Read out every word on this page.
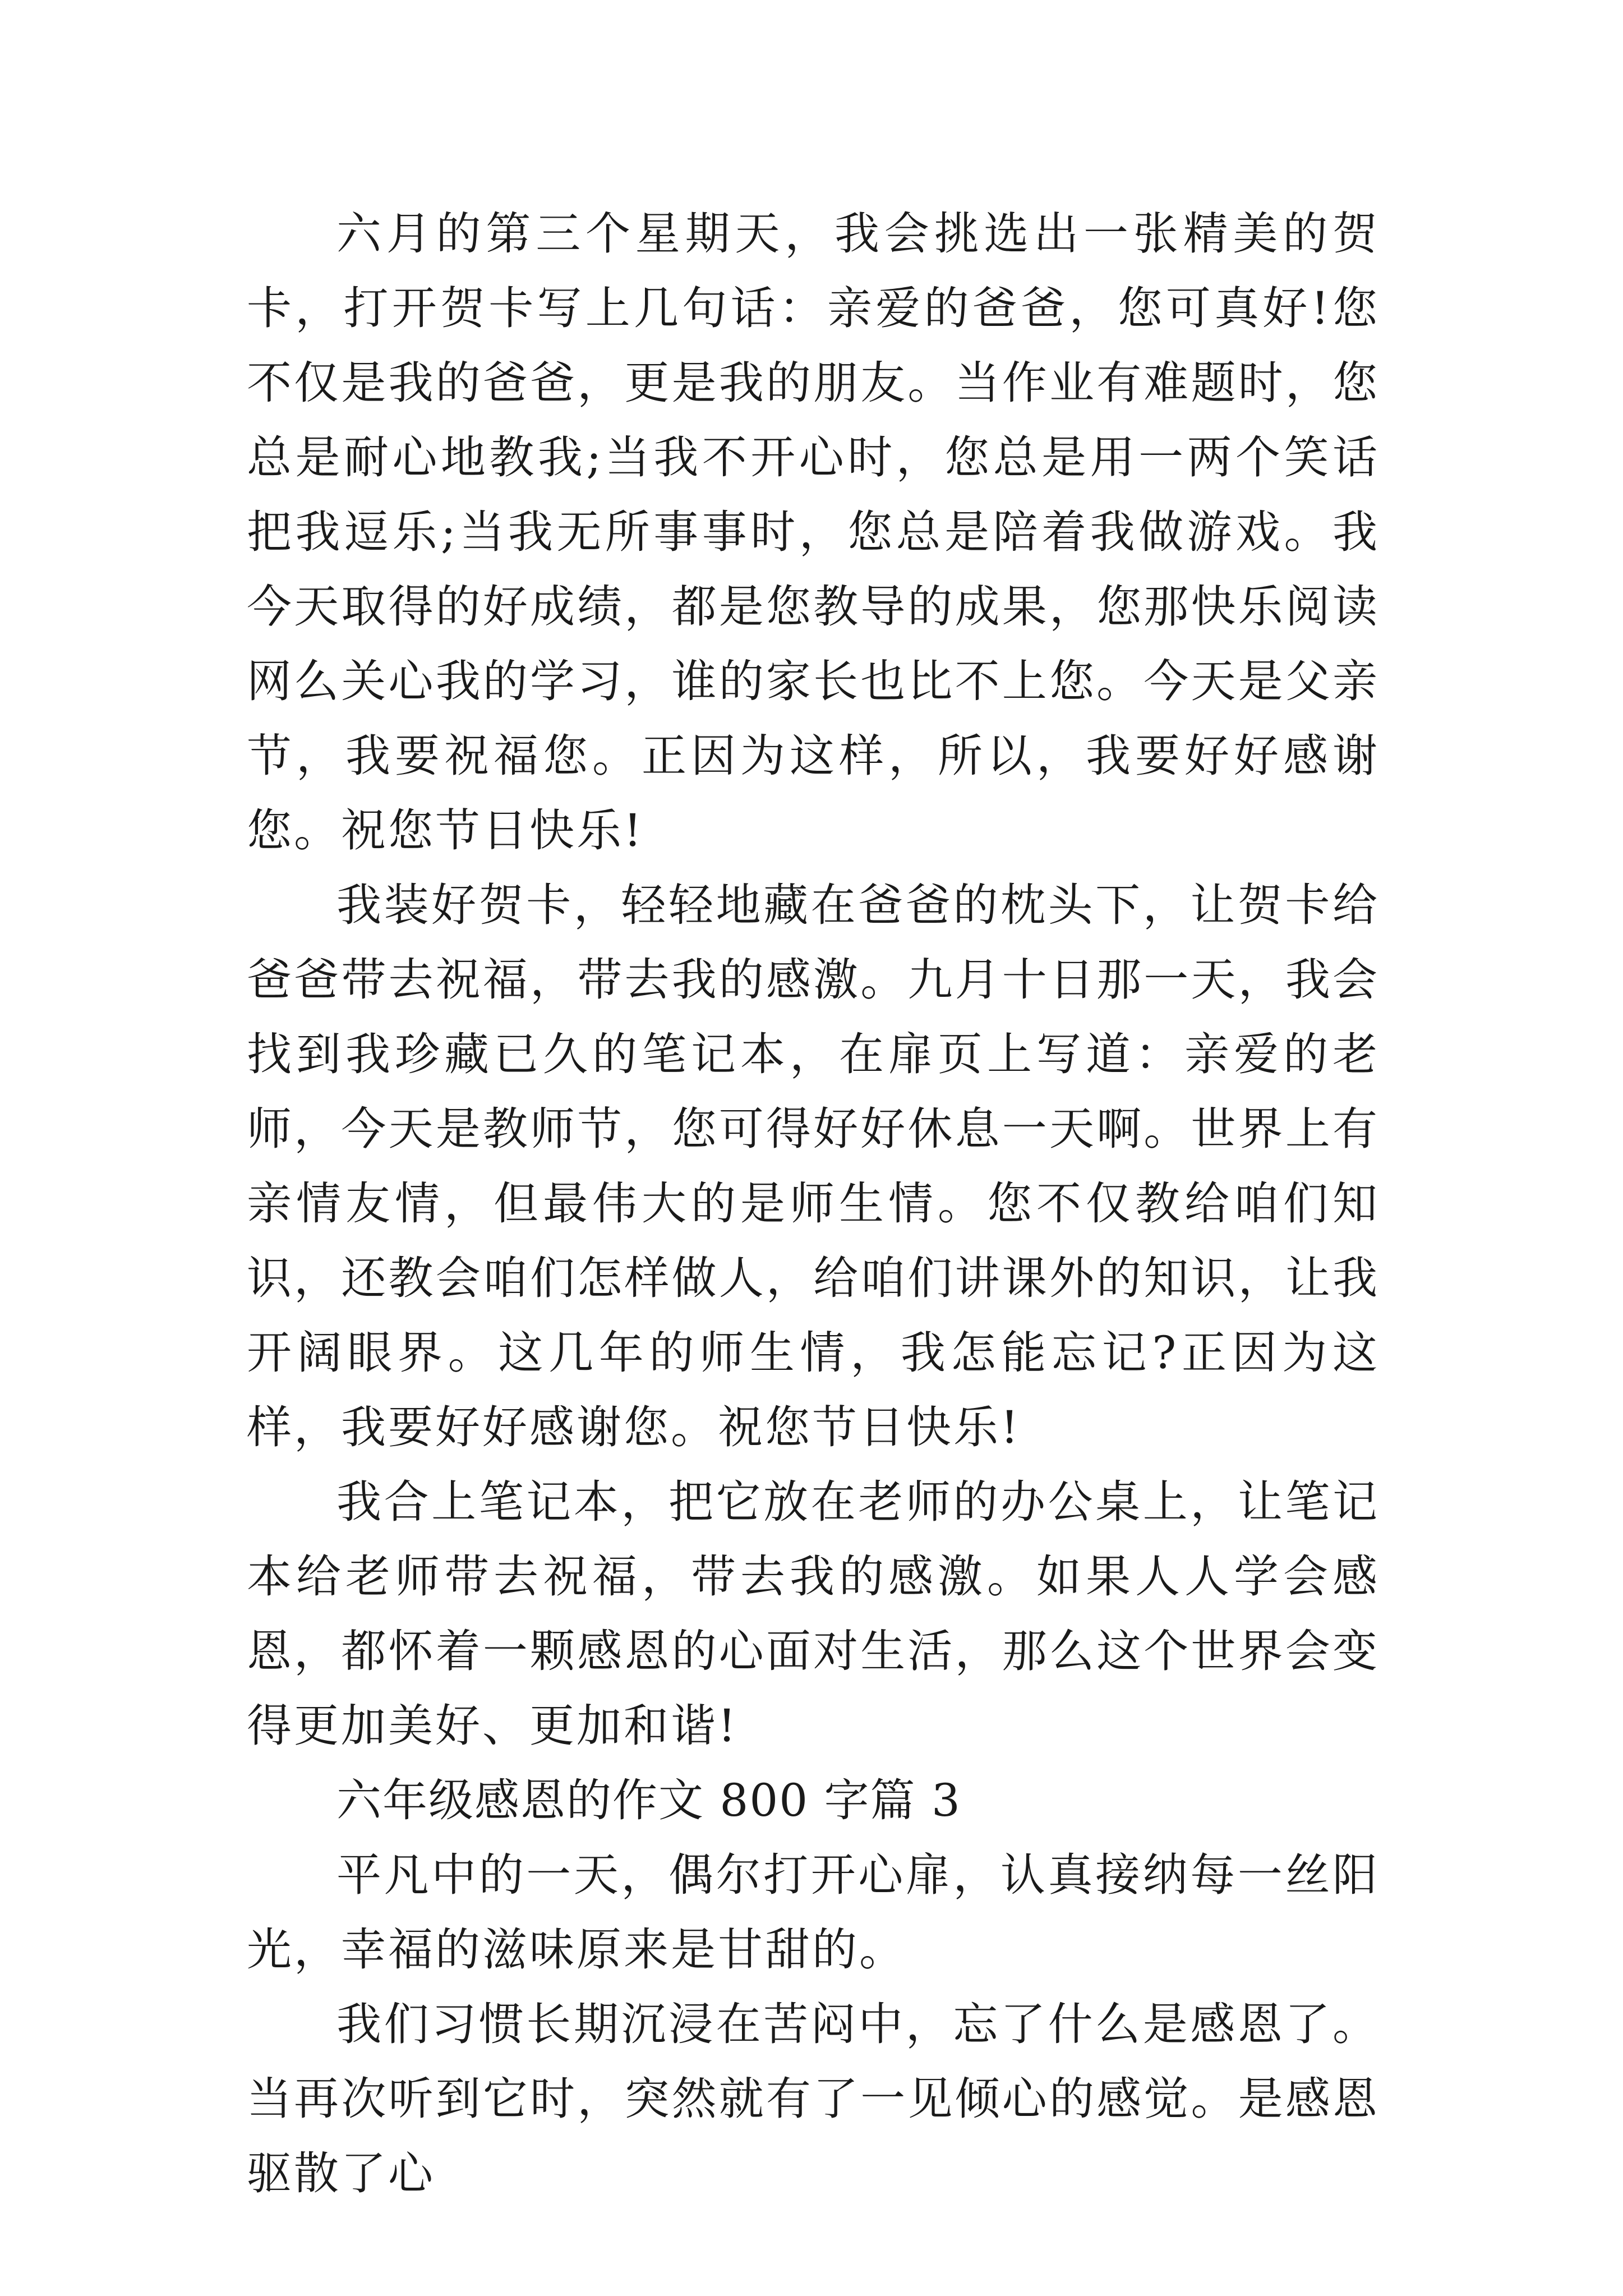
六月的第三个星期天，我会挑选出一张精美的贺卡，打开贺卡写上几句话：亲爱的爸爸，您可真好!您不仅是我的爸爸，更是我的朋友。当作业有难题时，您总是耐心地教我;当我不开心时，您总是用一两个笑话把我逗乐;当我无所事事时，您总是陪着我做游戏。我今天取得的好成绩，都是您教导的成果，您那快乐阅读网么关心我的学习，谁的家长也比不上您。今天是父亲节，我要祝福您。正因为这样，所以，我要好好感谢您。祝您节日快乐!

我装好贺卡，轻轻地藏在爸爸的枕头下，让贺卡给爸爸带去祝福，带去我的感激。九月十日那一天，我会找到我珍藏已久的笔记本，在扉页上写道：亲爱的老师，今天是教师节，您可得好好休息一天啊。世界上有亲情友情，但最伟大的是师生情。您不仅教给咱们知识，还教会咱们怎样做人，给咱们讲课外的知识，让我开阔眼界。这几年的师生情，我怎能忘记?正因为这样，我要好好感谢您。祝您节日快乐!

我合上笔记本，把它放在老师的办公桌上，让笔记本给老师带去祝福，带去我的感激。如果人人学会感恩，都怀着一颗感恩的心面对生活，那么这个世界会变得更加美好、更加和谐!

六年级感恩的作文 800 字篇 3

平凡中的一天，偶尔打开心扉，认真接纳每一丝阳光，幸福的滋味原来是甘甜的。

我们习惯长期沉浸在苦闷中，忘了什么是感恩了。当再次听到它时，突然就有了一见倾心的感觉。是感恩驱散了心
